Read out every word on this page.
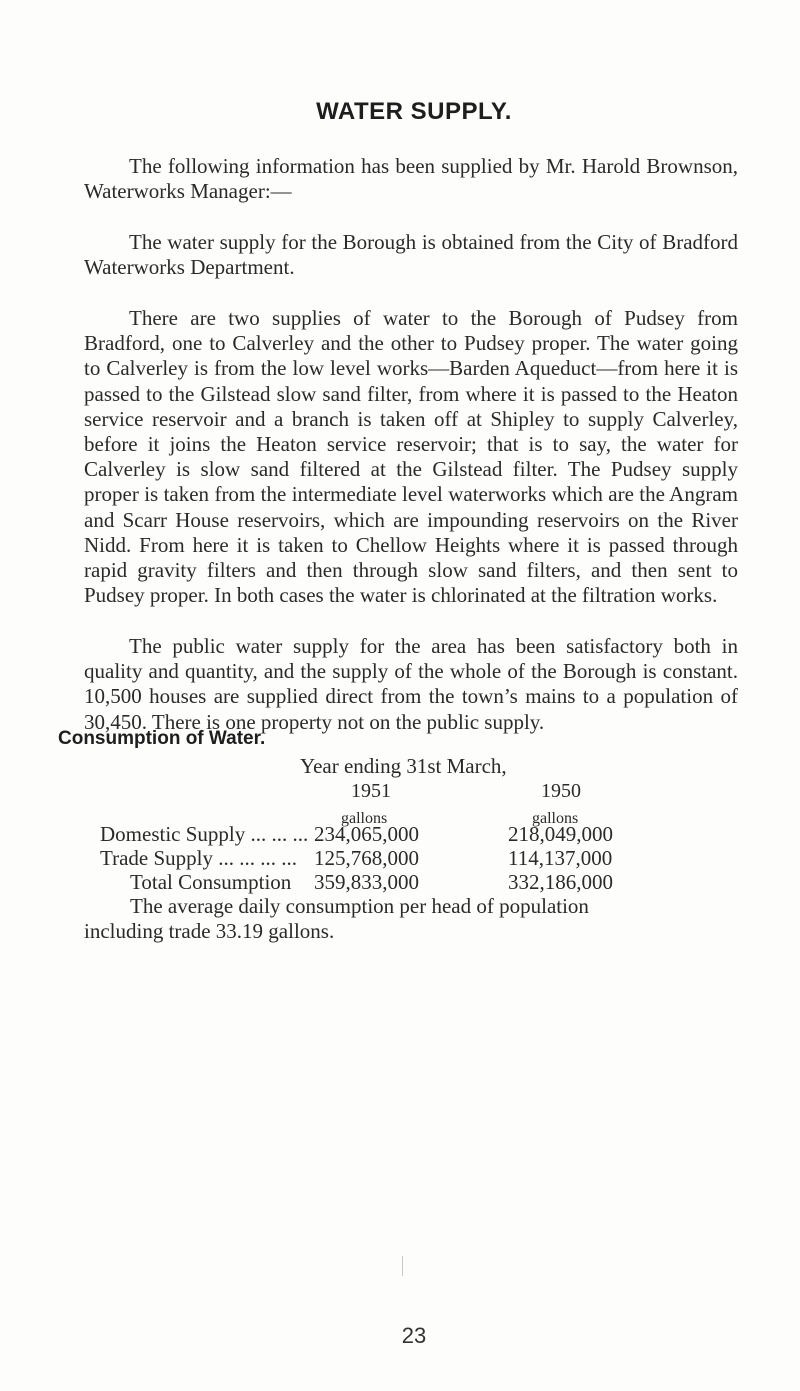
WATER SUPPLY.

The following information has been supplied by Mr. Harold Brownson, Waterworks Manager:—

The water supply for the Borough is obtained from the City of Bradford Waterworks Department.

There are two supplies of water to the Borough of Pudsey from Bradford, one to Calverley and the other to Pudsey proper. The water going to Calverley is from the low level works—Barden Aqueduct—from here it is passed to the Gilstead slow sand filter, from where it is passed to the Heaton service reservoir and a branch is taken off at Shipley to supply Calverley, before it joins the Heaton service reservoir; that is to say, the water for Calverley is slow sand filtered at the Gilstead filter. The Pudsey supply proper is taken from the intermediate level waterworks which are the Angram and Scarr House reservoirs, which are impounding reservoirs on the River Nidd. From here it is taken to Chellow Heights where it is passed through rapid gravity filters and then through slow sand filters, and then sent to Pudsey proper. In both cases the water is chlorinated at the filtration works.

The public water supply for the area has been satisfactory both in quality and quantity, and the supply of the whole of the Borough is constant. 10,500 houses are supplied direct from the town’s mains to a population of 30,450. There is one property not on the public supply.

Consumption of Water.
Year ending 31st March,
1951	1950
gallons	gallons
Domestic Supply ... ... ... 234,065,000	218,049,000
Trade Supply ... ... ... ... 125,768,000	114,137,000
Total Consumption 359,833,000	332,186,000

The average daily consumption per head of population
including trade 33.19 gallons.

23
